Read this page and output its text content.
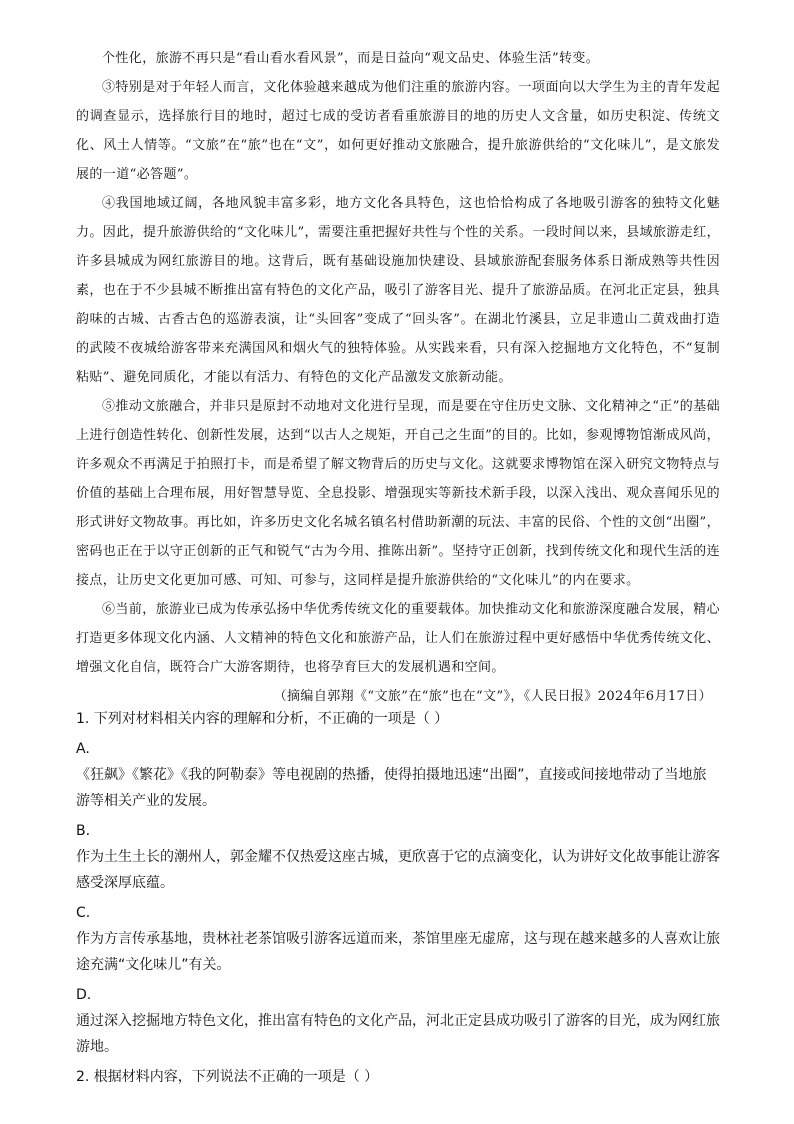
个性化，旅游不再只是“看山看水看风景”，而是日益向“观文品史、体验生活”转变。

③特别是对于年轻人而言，文化体验越来越成为他们注重的旅游内容。一项面向以大学生为主的青年发起的调查显示，选择旅行目的地时，超过七成的受访者看重旅游目的地的历史人文含量，如历史积淀、传统文化、风土人情等。“文旅”在“旅”也在“文”，如何更好推动文旅融合，提升旅游供给的“文化味儿”，是文旅发展的一道“必答题”。

④我国地域辽阔，各地风貌丰富多彩，地方文化各具特色，这也恰恰构成了各地吸引游客的独特文化魅力。因此，提升旅游供给的“文化味儿”，需要注重把握好共性与个性的关系。一段时间以来，县域旅游走红，许多县城成为网红旅游目的地。这背后，既有基础设施加快建设、县域旅游配套服务体系日渐成熟等共性因素，也在于不少县城不断推出富有特色的文化产品，吸引了游客目光、提升了旅游品质。在河北正定县，独具韵味的古城、古香古色的巡游表演，让“头回客”变成了“回头客”。在湖北竹溪县，立足非遗山二黄戏曲打造的武陵不夜城给游客带来充满国风和烟火气的独特体验。从实践来看，只有深入挖掘地方文化特色，不“复制粘贴”、避免同质化，才能以有活力、有特色的文化产品激发文旅新动能。

⑤推动文旅融合，并非只是原封不动地对文化进行呈现，而是要在守住历史文脉、文化精神之“正”的基础上进行创造性转化、创新性发展，达到“以古人之规矩，开自己之生面”的目的。比如，参观博物馆渐成风尚，许多观众不再满足于拍照打卡，而是希望了解文物背后的历史与文化。这就要求博物馆在深入研究文物特点与价值的基础上合理布展，用好智慧导览、全息投影、增强现实等新技术新手段，以深入浅出、观众喜闻乐见的形式讲好文物故事。再比如，许多历史文化名城名镇名村借助新潮的玩法、丰富的民俗、个性的文创“出圈”，密码也正在于以守正创新的正气和锐气“古为今用、推陈出新”。坚持守正创新，找到传统文化和现代生活的连接点，让历史文化更加可感、可知、可参与，这同样是提升旅游供给的“文化味儿”的内在要求。

⑥当前，旅游业已成为传承弘扬中华优秀传统文化的重要载体。加快推动文化和旅游深度融合发展，精心打造更多体现文化内涵、人文精神的特色文化和旅游产品，让人们在旅游过程中更好感悟中华优秀传统文化、增强文化自信，既符合广大游客期待，也将孕育巨大的发展机遇和空间。

（摘编自郭翔《“文旅”在“旅”也在“文”》，《人民日报》2024年6月17日）

1. 下列对材料相关内容的理解和分析，不正确的一项是（ ）

A.
《狂飙》《繁花》《我的阿勒泰》等电视剧的热播，使得拍摄地迅速“出圈”，直接或间接地带动了当地旅游等相关产业的发展。
B.
作为土生土长的潮州人，郭金耀不仅热爱这座古城，更欣喜于它的点滴变化，认为讲好文化故事能让游客感受深厚底蕴。
C.
作为方言传承基地，贵林社老茶馆吸引游客远道而来，茶馆里座无虚席，这与现在越来越多的人喜欢让旅途充满“文化味儿”有关。
D.
通过深入挖掘地方特色文化，推出富有特色的文化产品，河北正定县成功吸引了游客的目光，成为网红旅游地。

2. 根据材料内容，下列说法不正确的一项是（ ）
